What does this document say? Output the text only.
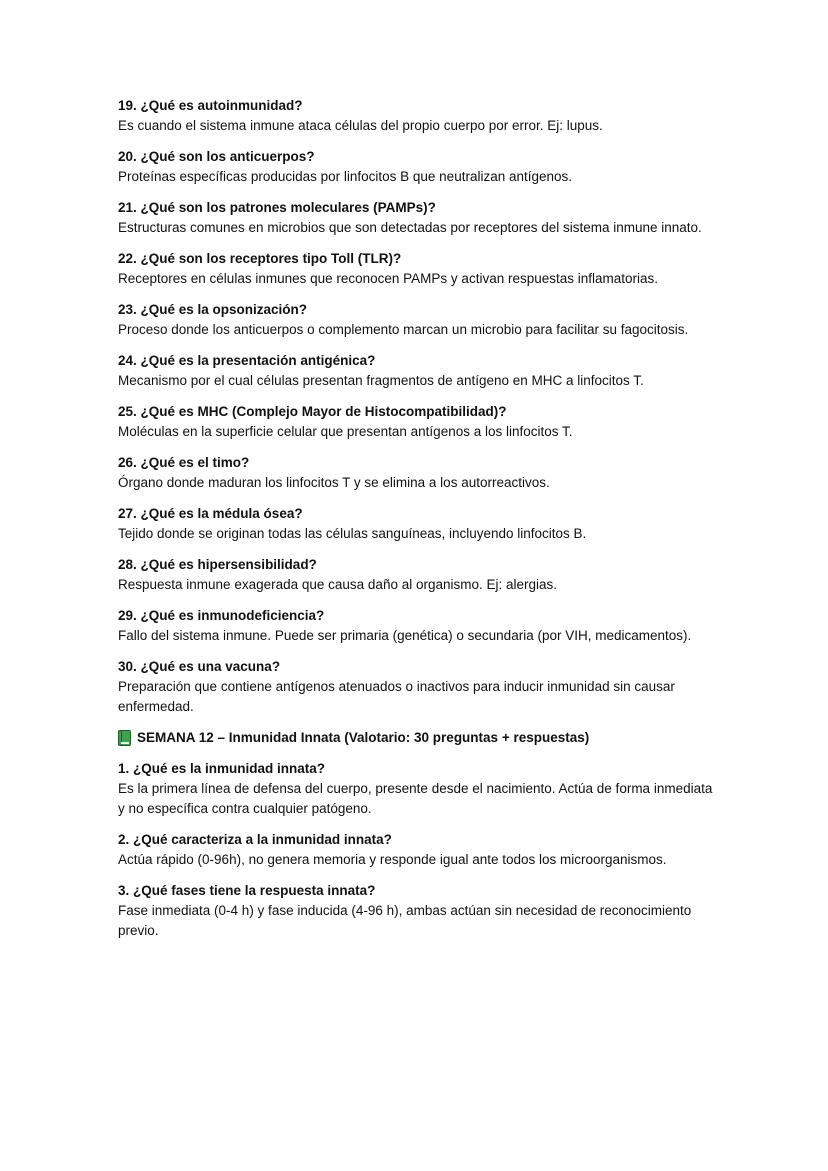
19. ¿Qué es autoinmunidad?

Es cuando el sistema inmune ataca células del propio cuerpo por error. Ej: lupus.

20. ¿Qué son los anticuerpos?

Proteínas específicas producidas por linfocitos B que neutralizan antígenos.

21. ¿Qué son los patrones moleculares (PAMPs)?

Estructuras comunes en microbios que son detectadas por receptores del sistema inmune innato.

22. ¿Qué son los receptores tipo Toll (TLR)?

Receptores en células inmunes que reconocen PAMPs y activan respuestas inflamatorias.

23. ¿Qué es la opsonización?

Proceso donde los anticuerpos o complemento marcan un microbio para facilitar su fagocitosis.

24. ¿Qué es la presentación antigénica?

Mecanismo por el cual células presentan fragmentos de antígeno en MHC a linfocitos T.

25. ¿Qué es MHC (Complejo Mayor de Histocompatibilidad)?

Moléculas en la superficie celular que presentan antígenos a los linfocitos T.

26. ¿Qué es el timo?

Órgano donde maduran los linfocitos T y se elimina a los autorreactivos.

27. ¿Qué es la médula ósea?

Tejido donde se originan todas las células sanguíneas, incluyendo linfocitos B.

28. ¿Qué es hipersensibilidad?

Respuesta inmune exagerada que causa daño al organismo. Ej: alergias.

29. ¿Qué es inmunodeficiencia?

Fallo del sistema inmune. Puede ser primaria (genética) o secundaria (por VIH, medicamentos).

30. ¿Qué es una vacuna?

Preparación que contiene antígenos atenuados o inactivos para inducir inmunidad sin causar enfermedad.

SEMANA 12 – Inmunidad Innata (Valotario: 30 preguntas + respuestas)

1. ¿Qué es la inmunidad innata?

Es la primera línea de defensa del cuerpo, presente desde el nacimiento. Actúa de forma inmediata y no específica contra cualquier patógeno.

2. ¿Qué caracteriza a la inmunidad innata?

Actúa rápido (0-96h), no genera memoria y responde igual ante todos los microorganismos.

3. ¿Qué fases tiene la respuesta innata?

Fase inmediata (0-4 h) y fase inducida (4-96 h), ambas actúan sin necesidad de reconocimiento previo.
